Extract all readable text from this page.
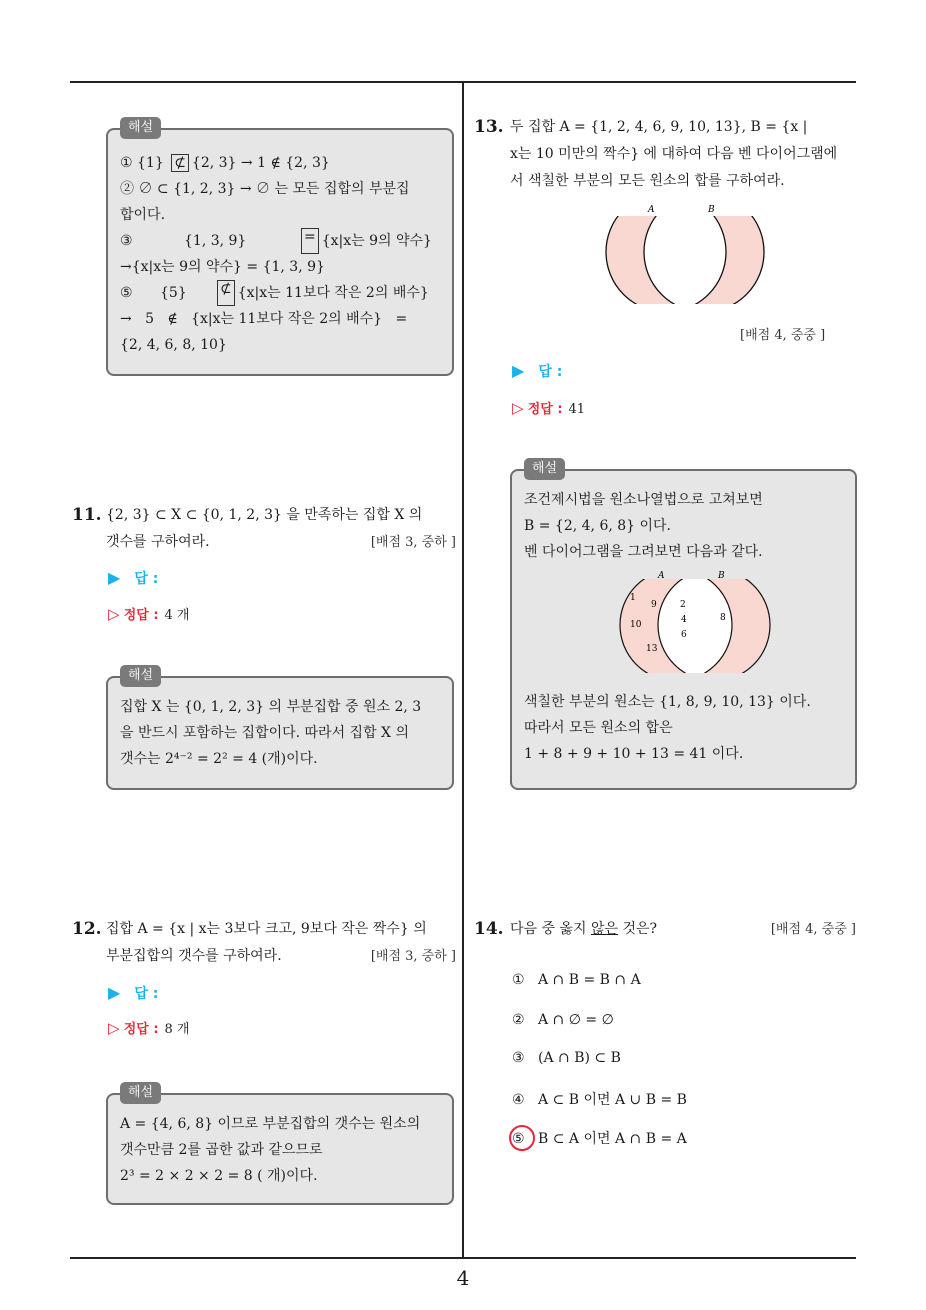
해설
① {1} ⊄ {2, 3} → 1 ∉ {2, 3}
② ∅ ⊂ {1, 2, 3} → ∅ 는 모든 집합의 부분집
합이다.
③	{1, 3, 9}	= {x|x는 9의 약수}
→{x|x는 9의 약수} = {1, 3, 9}
⑤	{5}	⊄ {x|x는 11보다 작은 2의 배수}
→   5   ∉   {x|x는 11보다 작은 2의 배수}   =
{2, 4, 6, 8, 10}
11. {2, 3} ⊂ X ⊂ {0, 1, 2, 3} 을 만족하는 집합 X 의
갯수를 구하여라.	[배점 3, 중하 ]
▶ 답 :
▷ 정답 : 4 개
해설
집합 X 는 {0, 1, 2, 3} 의 부분집합 중 원소 2, 3
을 반드시 포함하는 집합이다. 따라서 집합 X 의
갯수는 2⁴⁻² = 2² = 4 (개)이다.
12. 집합 A = {x | x는 3보다 크고, 9보다 작은 짝수} 의
부분집합의 갯수를 구하여라.	[배점 3, 중하 ]
▶ 답 :
▷ 정답 : 8 개
해설
A = {4, 6, 8} 이므로 부분집합의 갯수는 원소의
갯수만큼 2를 곱한 값과 같으므로
2³ = 2 × 2 × 2 = 8 ( 개)이다.
13. 두 집합 A = {1, 2, 4, 6, 9, 10, 13}, B = {x |
x는 10 미만의 짝수} 에 대하여 다음 벤 다이어그램에
서 색칠한 부분의 모든 원소의 합를 구하여라.
A	B
[배점 4, 중중 ]
▶ 답 :
▷ 정답 : 41
해설
조건제시법을 원소나열법으로 고쳐보면
B = {2, 4, 6, 8} 이다.
벤 다이어그램을 그려보면 다음과 같다.
A	B
1
9
10
13
2
4
6
8
색칠한 부분의 원소는 {1, 8, 9, 10, 13} 이다.
따라서 모든 원소의 합은
1 + 8 + 9 + 10 + 13 = 41 이다.
14. 다음 중 옳지 않은 것은?	[배점 4, 중중 ]
① A ∩ B = B ∩ A
② A ∩ ∅ = ∅
③ (A ∩ B) ⊂ B
④ A ⊂ B 이면 A ∪ B = B
⑤ B ⊂ A 이면 A ∩ B = A
4
